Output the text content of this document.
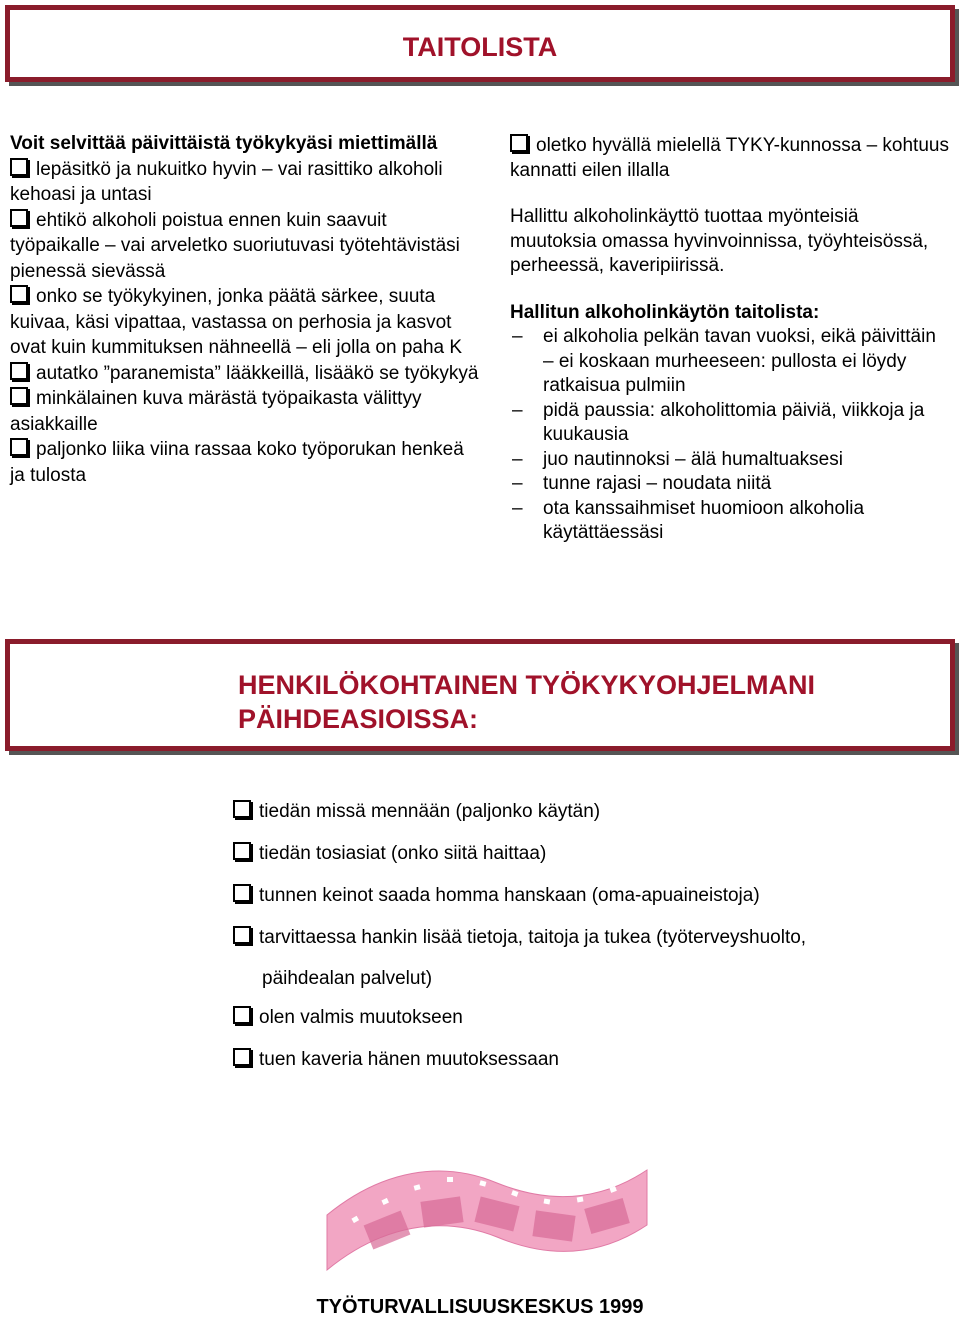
TAITOLISTA
Voit selvittää päivittäistä työkykyäsi miettimällä
lepäsitkö ja nukuitko hyvin – vai rasittiko alkoholi kehoasi ja untasi
ehtikö alkoholi poistua ennen kuin saavuit työpaikalle – vai arveletko suoriutuvasi työtehtävistäsi pienessä sievässä
onko se työkykyinen, jonka päätä särkee, suuta kuivaa, käsi vipattaa, vastassa on perhosia ja kasvot ovat kuin kummituksen nähneellä – eli jolla on paha K
autatko ”paranemista” lääkkeillä, lisääkö se työkykyä
minkälainen kuva märästä työpaikasta välittyy asiakkaille
paljonko liika viina rassaa koko työporukan henkeä ja tulosta
oletko hyvällä mielellä TYKY-kunnossa – kohtuus kannatti eilen illalla
Hallittu alkoholinkäyttö tuottaa myönteisiä muutoksia omassa hyvinvoinnissa, työyhteisössä, perheessä, kaveripiirissä.
Hallitun alkoholinkäytön taitolista:
– ei alkoholia pelkän tavan vuoksi, eikä päivittäin – ei koskaan murheeseen: pullosta ei löydy ratkaisua pulmiin
– pidä paussia: alkoholittomia päiviä, viikkoja ja kuukausia
– juo nautinnoksi – älä humaltuaksesi
– tunne rajasi – noudata niitä
– ota kanssaihmiset huomioon alkoholia käytättäessäsi
HENKILÖKOHTAINEN TYÖKYKYOHJELMANI
PÄIHDEASIOISSA:
tiedän missä mennään (paljonko käytän)
tiedän tosiasiat (onko siitä haittaa)
tunnen keinot saada homma hanskaan (oma-apuaineistoja)
tarvittaessa hankin lisää tietoja, taitoja ja tukea (työterveyshuolto,
päihdealan palvelut)
olen valmis muutokseen
tuen kaveria hänen muutoksessaan
TYÖTURVALLISUUSKESKUS 1999
